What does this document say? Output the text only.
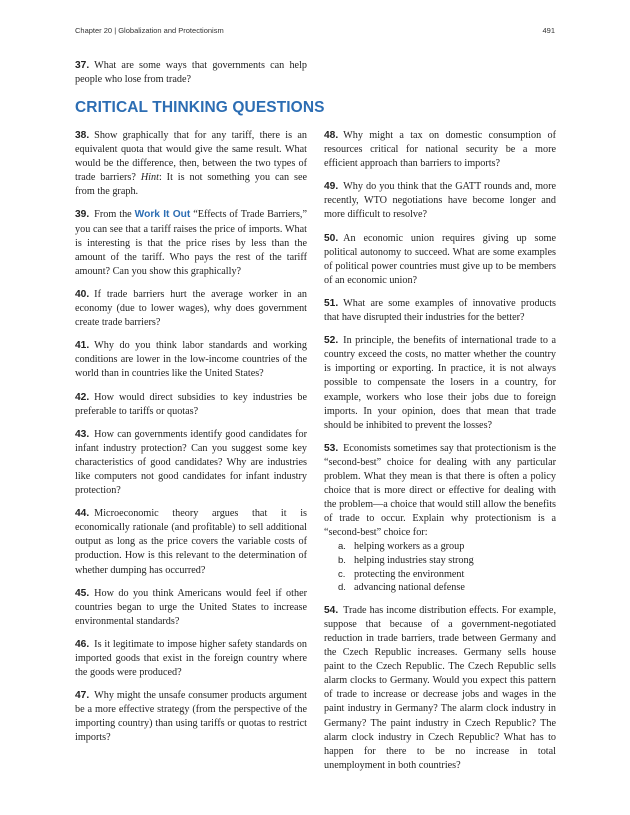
Chapter 20 | Globalization and Protectionism	491
37. What are some ways that governments can help people who lose from trade?
CRITICAL THINKING QUESTIONS

38. Show graphically that for any tariff, there is an equivalent quota that would give the same result. What would be the difference, then, between the two types of trade barriers? Hint: It is not something you can see from the graph.

39. From the Work It Out “Effects of Trade Barriers,” you can see that a tariff raises the price of imports. What is interesting is that the price rises by less than the amount of the tariff. Who pays the rest of the tariff amount? Can you show this graphically?

40. If trade barriers hurt the average worker in an economy (due to lower wages), why does government create trade barriers?

41. Why do you think labor standards and working conditions are lower in the low-income countries of the world than in countries like the United States?

42. How would direct subsidies to key industries be preferable to tariffs or quotas?

43. How can governments identify good candidates for infant industry protection? Can you suggest some key characteristics of good candidates? Why are industries like computers not good candidates for infant industry protection?

44. Microeconomic theory argues that it is economically rationale (and profitable) to sell additional output as long as the price covers the variable costs of production. How is this relevant to the determination of whether dumping has occurred?

45. How do you think Americans would feel if other countries began to urge the United States to increase environmental standards?

46. Is it legitimate to impose higher safety standards on imported goods that exist in the foreign country where the goods were produced?

47. Why might the unsafe consumer products argument be a more effective strategy (from the perspective of the importing country) than using tariffs or quotas to restrict imports?

48. Why might a tax on domestic consumption of resources critical for national security be a more efficient approach than barriers to imports?

49. Why do you think that the GATT rounds and, more recently, WTO negotiations have become longer and more difficult to resolve?

50. An economic union requires giving up some political autonomy to succeed. What are some examples of political power countries must give up to be members of an economic union?

51. What are some examples of innovative products that have disrupted their industries for the better?

52. In principle, the benefits of international trade to a country exceed the costs, no matter whether the country is importing or exporting. In practice, it is not always possible to compensate the losers in a country, for example, workers who lose their jobs due to foreign imports. In your opinion, does that mean that trade should be inhibited to prevent the losses?

53. Economists sometimes say that protectionism is the “second-best” choice for dealing with any particular problem. What they mean is that there is often a policy choice that is more direct or effective for dealing with the problem—a choice that would still allow the benefits of trade to occur. Explain why protectionism is a “second-best” choice for:
a. helping workers as a group
b. helping industries stay strong
c. protecting the environment
d. advancing national defense

54. Trade has income distribution effects. For example, suppose that because of a government-negotiated reduction in trade barriers, trade between Germany and the Czech Republic increases. Germany sells house paint to the Czech Republic. The Czech Republic sells alarm clocks to Germany. Would you expect this pattern of trade to increase or decrease jobs and wages in the paint industry in Germany? The alarm clock industry in Germany? The paint industry in Czech Republic? The alarm clock industry in Czech Republic? What has to happen for there to be no increase in total unemployment in both countries?
